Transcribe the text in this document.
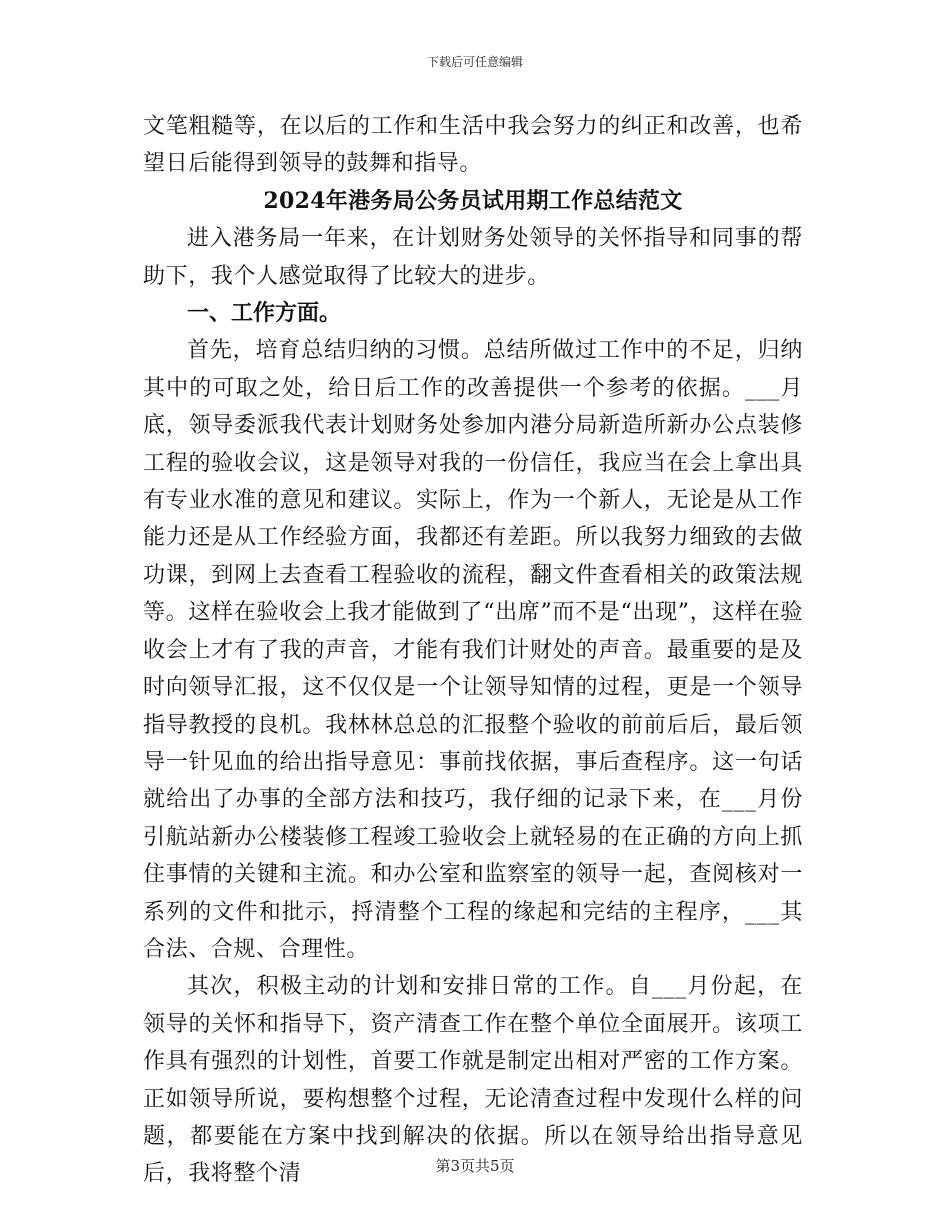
下载后可任意编辑

文笔粗糙等，在以后的工作和生活中我会努力的纠正和改善，也希望日后能得到领导的鼓舞和指导。

2024年港务局公务员试用期工作总结范文

进入港务局一年来，在计划财务处领导的关怀指导和同事的帮助下，我个人感觉取得了比较大的进步。

一、工作方面。

首先，培育总结归纳的习惯。总结所做过工作中的不足，归纳其中的可取之处，给日后工作的改善提供一个参考的依据。___月底，领导委派我代表计划财务处参加内港分局新造所新办公点装修工程的验收会议，这是领导对我的一份信任，我应当在会上拿出具有专业水准的意见和建议。实际上，作为一个新人，无论是从工作能力还是从工作经验方面，我都还有差距。所以我努力细致的去做功课，到网上去查看工程验收的流程，翻文件查看相关的政策法规等。这样在验收会上我才能做到了“出席”而不是“出现”，这样在验收会上才有了我的声音，才能有我们计财处的声音。最重要的是及时向领导汇报，这不仅仅是一个让领导知情的过程，更是一个领导指导教授的良机。我林林总总的汇报整个验收的前前后后，最后领导一针见血的给出指导意见：事前找依据，事后查程序。这一句话就给出了办事的全部方法和技巧，我仔细的记录下来，在___月份引航站新办公楼装修工程竣工验收会上就轻易的在正确的方向上抓住事情的关键和主流。和办公室和监察室的领导一起，查阅核对一系列的文件和批示，捋清整个工程的缘起和完结的主程序，___其合法、合规、合理性。

其次，积极主动的计划和安排日常的工作。自___月份起，在领导的关怀和指导下，资产清查工作在整个单位全面展开。该项工作具有强烈的计划性，首要工作就是制定出相对严密的工作方案。正如领导所说，要构想整个过程，无论清查过程中发现什么样的问题，都要能在方案中找到解决的依据。所以在领导给出指导意见后，我将整个清	第3页共5页
